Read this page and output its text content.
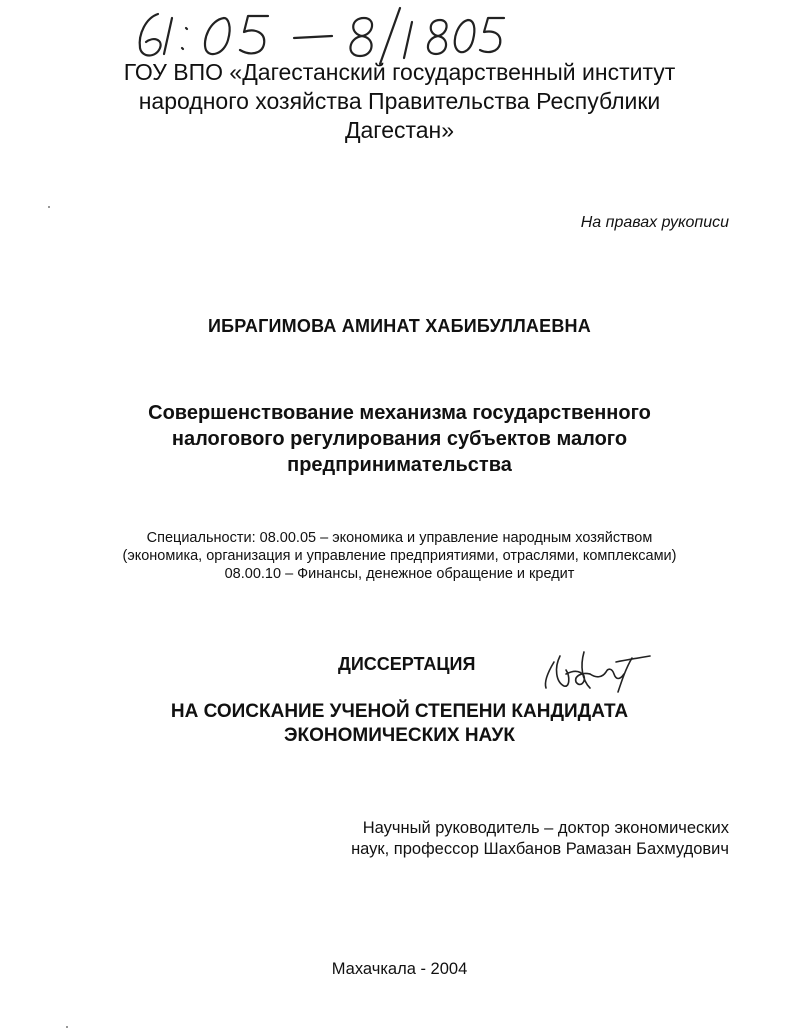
ГОУ ВПО «Дагестанский государственный институт
народного хозяйства Правительства Республики
Дагестан»
На правах рукописи
ИБРАГИМОВА АМИНАТ ХАБИБУЛЛАЕВНА
Совершенствование механизма государственного
налогового регулирования субъектов малого
предпринимательства
Специальности: 08.00.05 – экономика и управление народным хозяйством
(экономика, организация и управление предприятиями, отраслями, комплексами)
08.00.10 – Финансы, денежное обращение и кредит
ДИССЕРТАЦИЯ
НА СОИСКАНИЕ УЧЕНОЙ СТЕПЕНИ КАНДИДАТА
ЭКОНОМИЧЕСКИХ НАУК
Научный руководитель – доктор экономических
наук, профессор Шахбанов Рамазан Бахмудович
Махачкала - 2004
